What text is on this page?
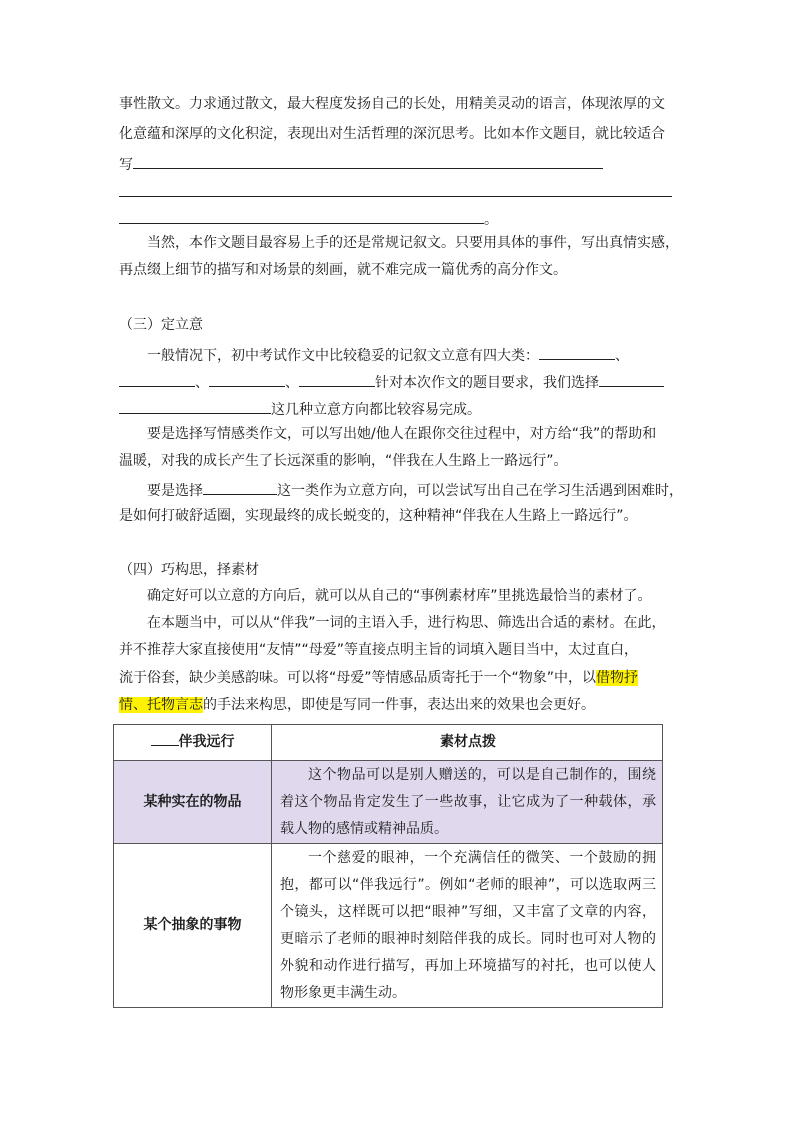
事性散文。力求通过散文，最大程度发扬自己的长处，用精美灵动的语言，体现浓厚的文
化意蕴和深厚的文化积淀，表现出对生活哲理的深沉思考。比如本作文题目，就比较适合
写
。
当然，本作文题目最容易上手的还是常规记叙文。只要用具体的事件，写出真情实感，
再点缀上细节的描写和对场景的刻画，就不难完成一篇优秀的高分作文。
（三）定立意
一般情况下，初中考试作文中比较稳妥的记叙文立意有四大类：	、
、	、	针对本次作文的题目要求，我们选择
这几种立意方向都比较容易完成。
要是选择写情感类作文，可以写出她/他人在跟你交往过程中，对方给“我”的帮助和
温暖，对我的成长产生了长远深重的影响，“伴我在人生路上一路远行”。
要是选择	这一类作为立意方向，可以尝试写出自己在学习生活遇到困难时，
是如何打破舒适圈，实现最终的成长蜕变的，这种精神“伴我在人生路上一路远行”。
（四）巧构思，择素材
确定好可以立意的方向后，就可以从自己的“事例素材库”里挑选最恰当的素材了。
在本题当中，可以从“伴我”一词的主语入手，进行构思、筛选出合适的素材。在此，
并不推荐大家直接使用“友情”“母爱”等直接点明主旨的词填入题目当中，太过直白，
流于俗套，缺少美感韵味。可以将“母爱”等情感品质寄托于一个“物象”中，以借物抒
情、托物言志的手法来构思，即使是写同一件事，表达出来的效果也会更好。
伴我远行	素材点拨
某种实在的物品	这个物品可以是别人赠送的，可以是自己制作的，围绕着这个物品肯定发生了一些故事，让它成为了一种载体，承载人物的感情或精神品质。
某个抽象的事物	一个慈爱的眼神，一个充满信任的微笑、一个鼓励的拥抱，都可以“伴我远行”。例如“老师的眼神”，可以选取两三个镜头，这样既可以把“眼神”写细，又丰富了文章的内容，更暗示了老师的眼神时刻陪伴我的成长。同时也可对人物的外貌和动作进行描写，再加上环境描写的衬托，也可以使人物形象更丰满生动。
